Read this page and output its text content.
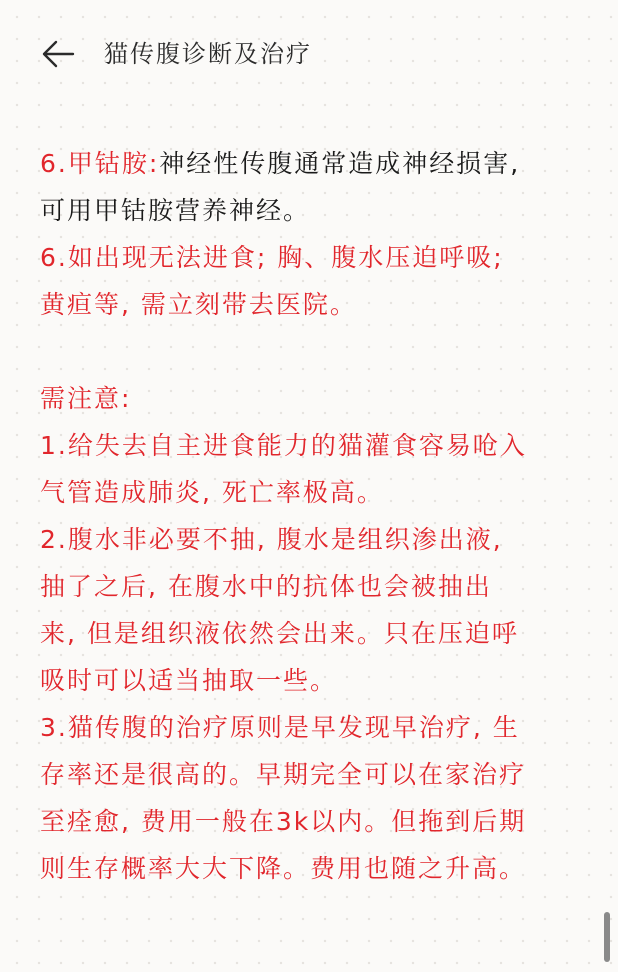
猫传腹诊断及治疗
6.甲钴胺:神经性传腹通常造成神经损害,
可用甲钴胺营养神经。
6.如出现无法进食; 胸、腹水压迫呼吸;
黄疸等, 需立刻带去医院。
需注意:
1.给失去自主进食能力的猫灌食容易呛入
气管造成肺炎, 死亡率极高。
2.腹水非必要不抽, 腹水是组织渗出液,
抽了之后, 在腹水中的抗体也会被抽出
来, 但是组织液依然会出来。只在压迫呼
吸时可以适当抽取一些。
3.猫传腹的治疗原则是早发现早治疗, 生
存率还是很高的。早期完全可以在家治疗
至痊愈, 费用一般在3k以内。但拖到后期
则生存概率大大下降。费用也随之升高。
